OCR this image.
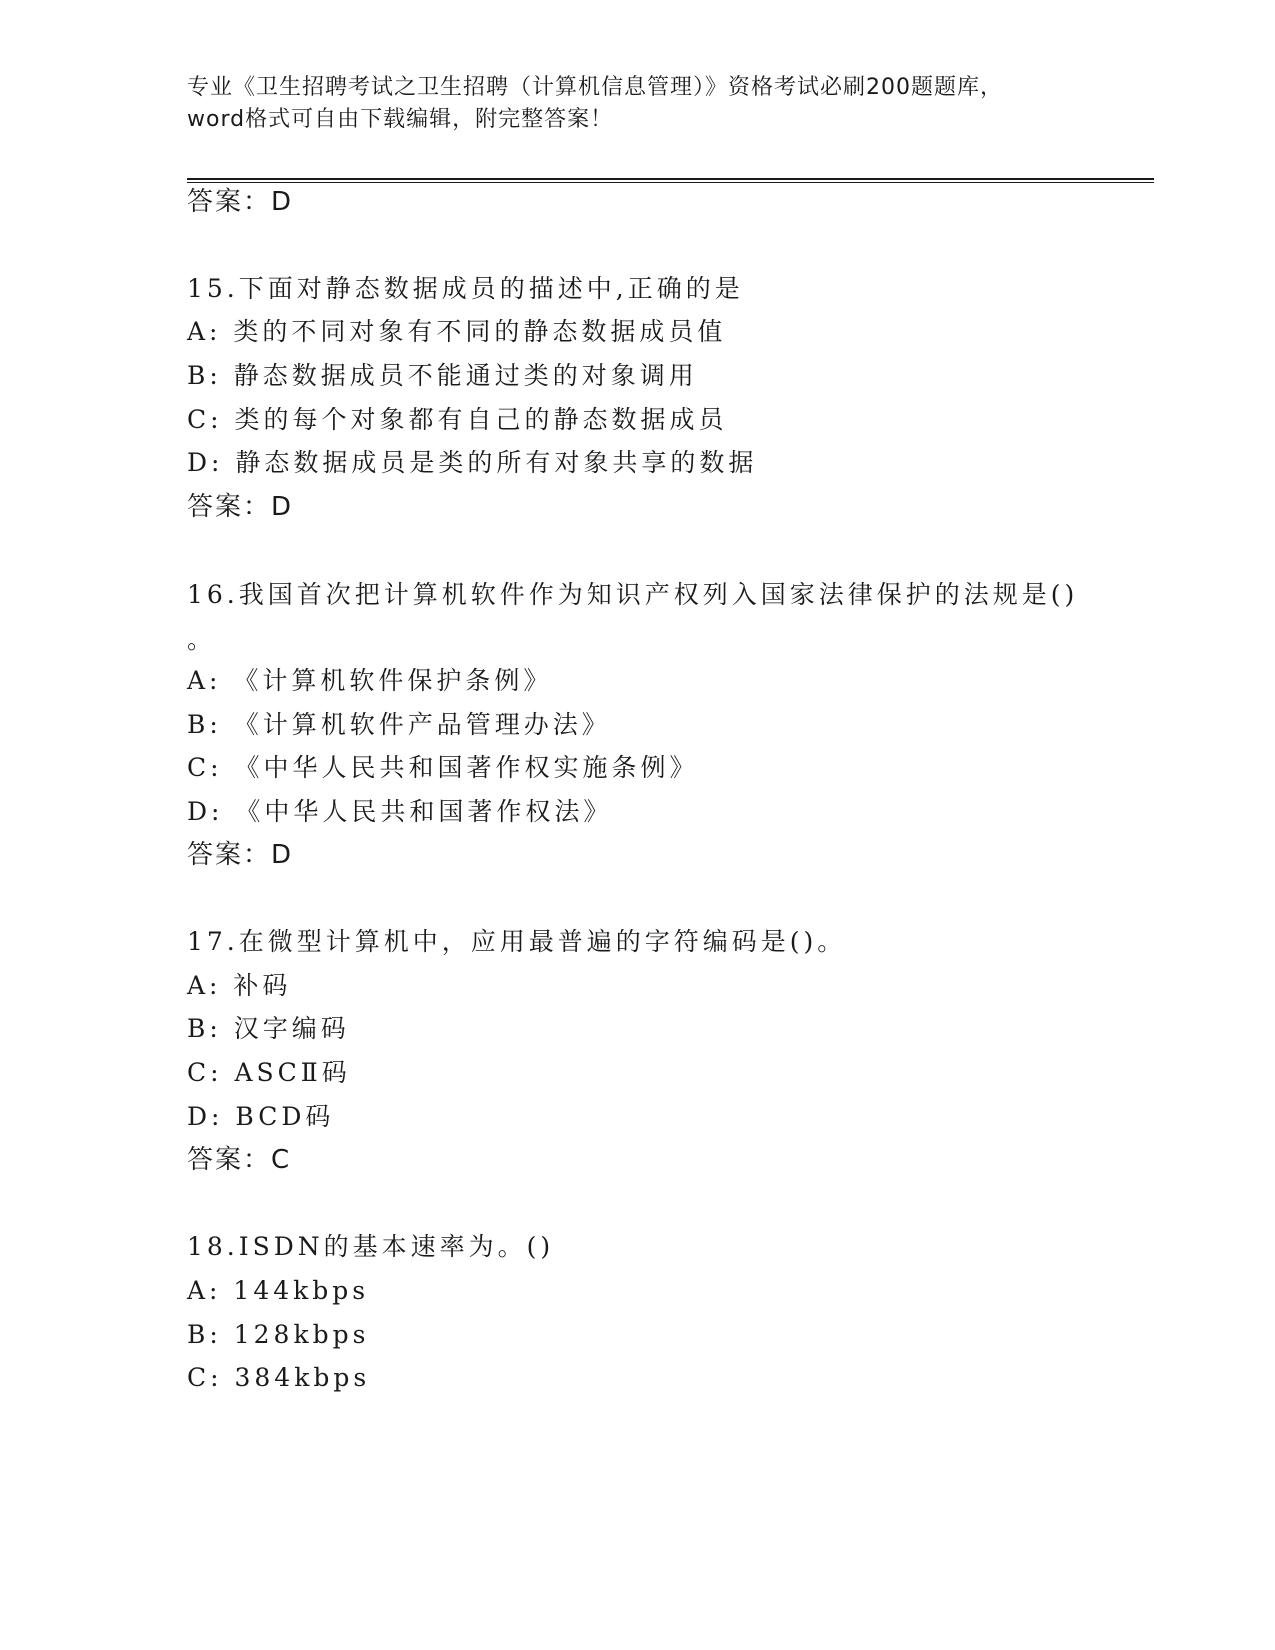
专业《卫生招聘考试之卫生招聘（计算机信息管理）》资格考试必刷200题题库，
word格式可自由下载编辑，附完整答案！
答案：D
15.下面对静态数据成员的描述中,正确的是
A: 类的不同对象有不同的静态数据成员值
B: 静态数据成员不能通过类的对象调用
C: 类的每个对象都有自己的静态数据成员
D: 静态数据成员是类的所有对象共享的数据
答案：D
16.我国首次把计算机软件作为知识产权列入国家法律保护的法规是()
。
A: 《计算机软件保护条例》
B: 《计算机软件产品管理办法》
C: 《中华人民共和国著作权实施条例》
D: 《中华人民共和国著作权法》
答案：D
17.在微型计算机中，应用最普遍的字符编码是()。
A: 补码
B: 汉字编码
C: ASCⅡ码
D: BCD码
答案：C
18.ISDN的基本速率为。()
A: 144kbps
B: 128kbps
C: 384kbps
